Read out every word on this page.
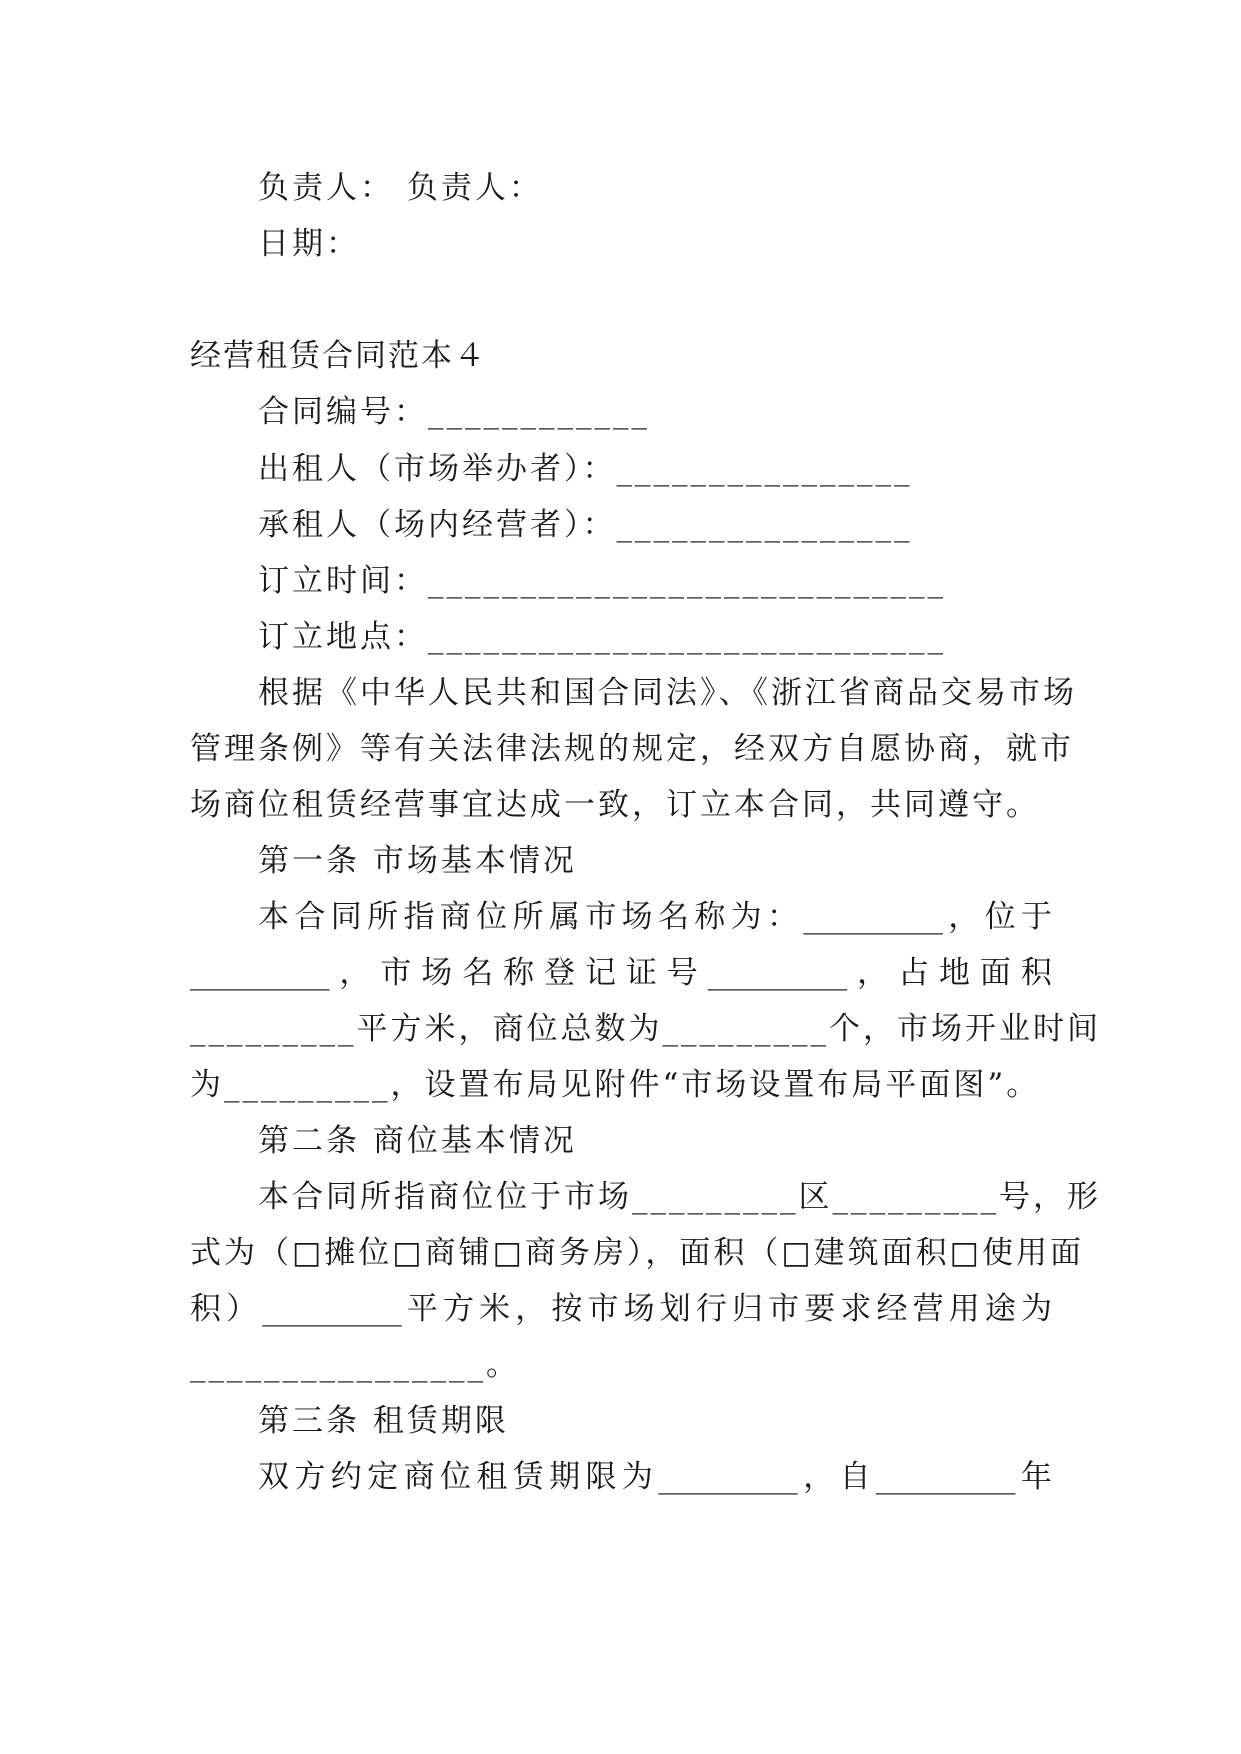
负责人： 负责人：
日期：
经营租赁合同范本４
合同编号：____________
出租人（市场举办者）：________________
承租人（场内经营者）：________________
订立时间：____________________________
订立地点：____________________________
根据《中华人民共和国合同法》、《浙江省商品交易市场
管理条例》等有关法律法规的规定，经双方自愿协商，就市
场商位租赁经营事宜达成一致，订立本合同，共同遵守。
第一条 市场基本情况
本 合 同 所 指 商 位 所 属 市 场 名 称 为 ： _________ ， 位 于
_________ ， 市 场 名 称 登 记 证 号 _________ ， 占 地 面 积
_________平方米，商位总数为_________个，市场开业时间
为_________，设置布局见附件“市场设置布局平面图”。
第二条 商位基本情况
本合同所指商位位于市场_________区_________号，形
式为（□摊位□商铺□商务房），面积（□建筑面积□使用面
积 ） _________ 平 方 米 ， 按 市 场 划 行 归 市 要 求 经 营 用 途 为
________________。
第三条 租赁期限
双 方 约 定 商 位 租 赁 期 限 为 _________ ， 自 _________ 年
